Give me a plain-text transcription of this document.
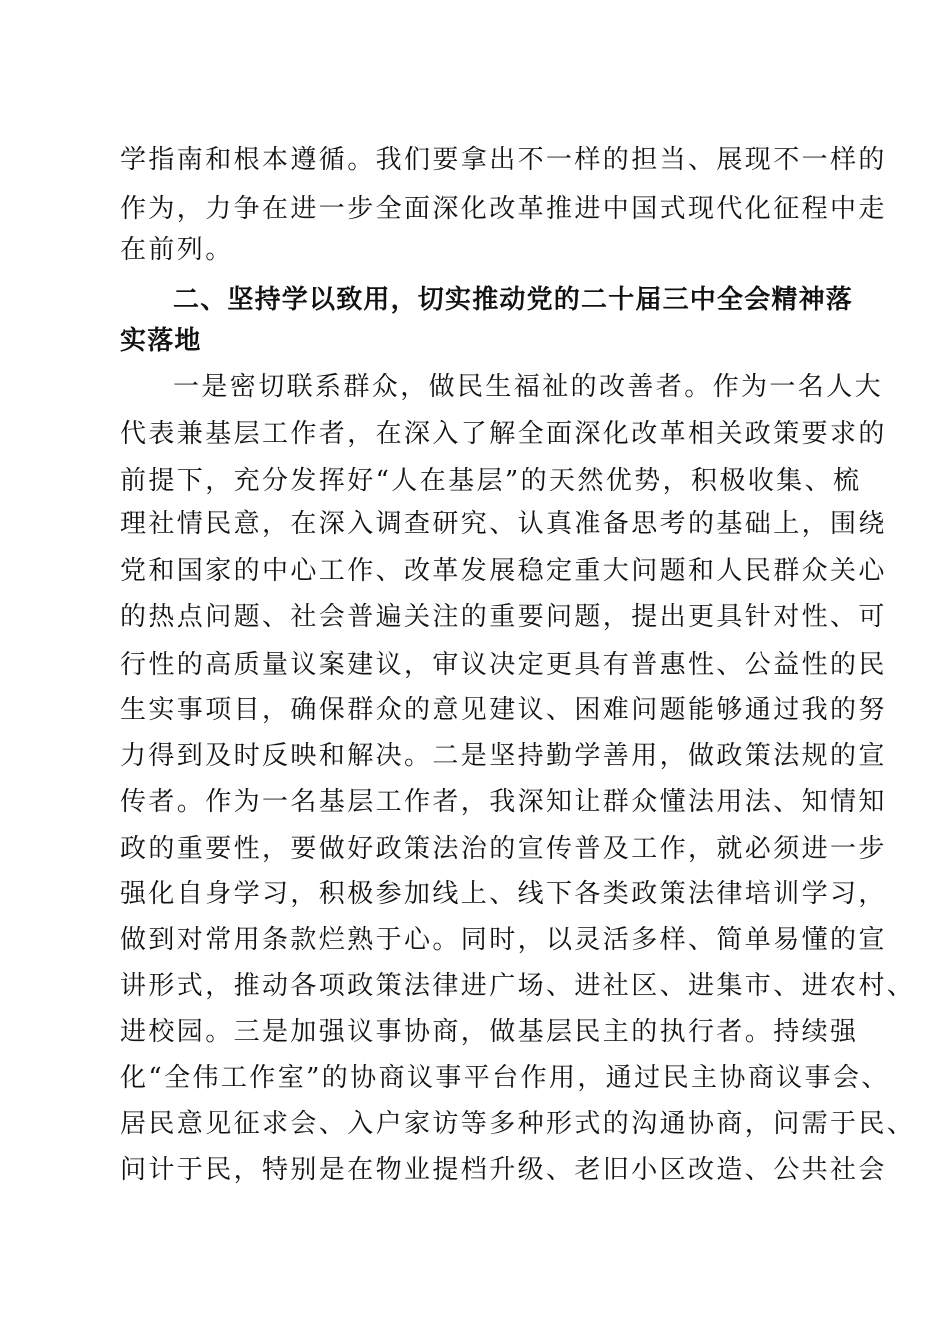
学指南和根本遵循。我们要拿出不一样的担当、展现不一样的
作为，力争在进一步全面深化改革推进中国式现代化征程中走
在前列。
二、坚持学以致用，切实推动党的二十届三中全会精神落
实落地
一是密切联系群众，做民生福祉的改善者。作为一名人大
代表兼基层工作者，在深入了解全面深化改革相关政策要求的
前提下，充分发挥好“人在基层”的天然优势，积极收集、梳
理社情民意，在深入调查研究、认真准备思考的基础上，围绕
党和国家的中心工作、改革发展稳定重大问题和人民群众关心
的热点问题、社会普遍关注的重要问题，提出更具针对性、可
行性的高质量议案建议，审议决定更具有普惠性、公益性的民
生实事项目，确保群众的意见建议、困难问题能够通过我的努
力得到及时反映和解决。二是坚持勤学善用，做政策法规的宣
传者。作为一名基层工作者，我深知让群众懂法用法、知情知
政的重要性，要做好政策法治的宣传普及工作，就必须进一步
强化自身学习，积极参加线上、线下各类政策法律培训学习，
做到对常用条款烂熟于心。同时，以灵活多样、简单易懂的宣
讲形式，推动各项政策法律进广场、进社区、进集市、进农村、
进校园。三是加强议事协商，做基层民主的执行者。持续强
化“全伟工作室”的协商议事平台作用，通过民主协商议事会、
居民意见征求会、入户家访等多种形式的沟通协商，问需于民、
问计于民，特别是在物业提档升级、老旧小区改造、公共社会
